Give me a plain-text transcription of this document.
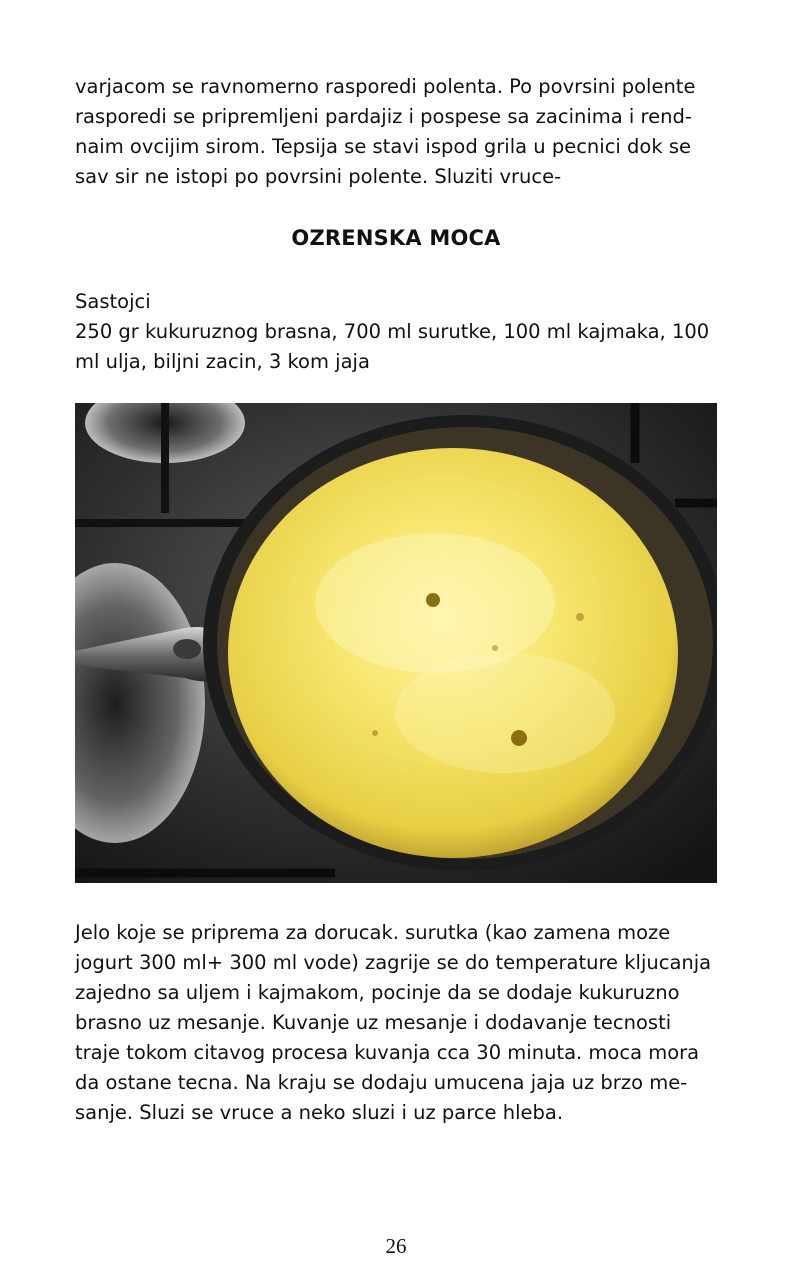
varjacom se ravnomerno rasporedi polenta. Po povrsini polente
rasporedi se pripremljeni pardajiz i pospese sa zacinima i rend-
naim ovcijim sirom. Tepsija se stavi ispod grila u pecnici dok se
sav sir ne istopi po povrsini polente. Sluziti vruce-

OZRENSKA MOCA
Sastojci

250 gr kukuruznog brasna, 700 ml surutke, 100 ml kajmaka, 100
ml ulja, biljni zacin, 3 kom jaja

Jelo koje se priprema za dorucak. surutka (kao zamena moze
jogurt 300 ml+ 300 ml vode) zagrije se do temperature kljucanja
zajedno sa uljem i kajmakom, pocinje da se dodaje kukuruzno
brasno uz mesanje. Kuvanje uz mesanje i dodavanje tecnosti
traje tokom citavog procesa kuvanja cca 30 minuta. moca mora
da ostane tecna. Na kraju se dodaju umucena jaja uz brzo me-
sanje. Sluzi se vruce a neko sluzi i uz parce hleba.

26
